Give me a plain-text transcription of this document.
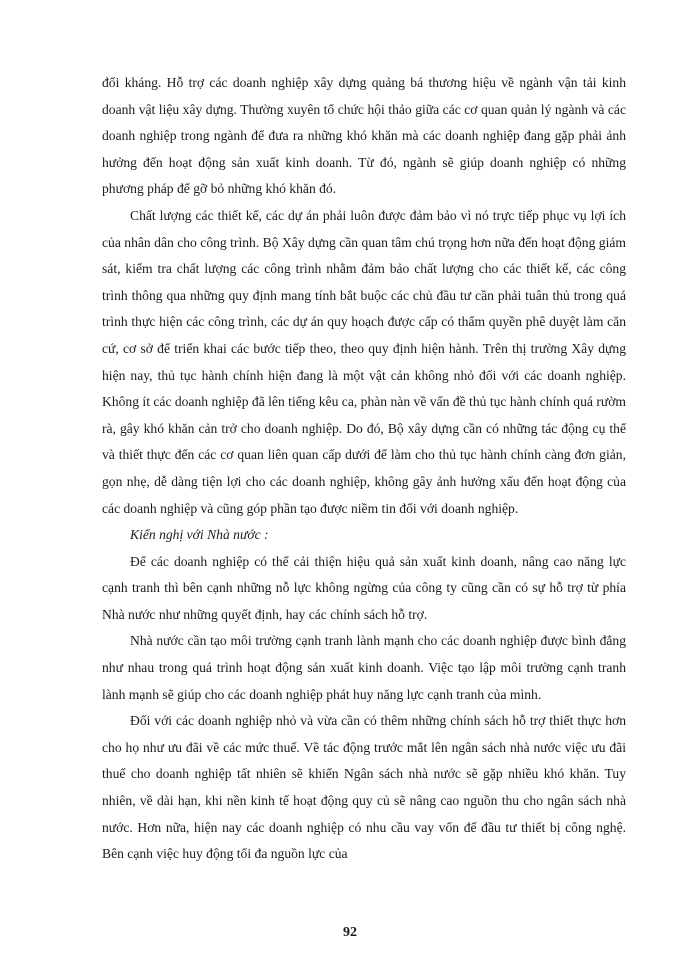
đối kháng. Hỗ trợ các doanh nghiệp xây dựng quảng bá thương hiệu về ngành vận tải kinh doanh vật liệu xây dựng. Thường xuyên tổ chức hội thảo giữa các cơ quan quản lý ngành và các doanh nghiệp trong ngành để đưa ra những khó khăn mà các doanh nghiệp đang gặp phải ảnh hưởng đến hoạt động sản xuất kinh doanh. Từ đó, ngành sẽ giúp doanh nghiệp có những phương pháp để gỡ bỏ những khó khăn đó.

Chất lượng các thiết kế, các dự án phải luôn được đảm bảo vì nó trực tiếp phục vụ lợi ích của nhân dân cho công trình. Bộ Xây dựng cần quan tâm chú trọng hơn nữa đến hoạt động giám sát, kiểm tra chất lượng các công trình nhằm đảm bảo chất lượng cho các thiết kế, các công trình thông qua những quy định mang tính bắt buộc các chủ đầu tư cần phải tuân thủ trong quá trình thực hiện các công trình, các dự án quy hoạch được cấp có thẩm quyền phê duyệt làm căn cứ, cơ sở để triển khai các bước tiếp theo, theo quy định hiện hành. Trên thị trường Xây dựng hiện nay, thủ tục hành chính hiện đang là một vật cản không nhỏ đối với các doanh nghiệp. Không ít các doanh nghiệp đã lên tiếng kêu ca, phàn nàn về vấn đề thủ tục hành chính quá rườm rà, gây khó khăn cản trở cho doanh nghiệp. Do đó, Bộ xây dựng cần có những tác động cụ thể và thiết thực đến các cơ quan liên quan cấp dưới để làm cho thủ tục hành chính càng đơn giản, gọn nhẹ, dễ dàng tiện lợi cho các doanh nghiệp, không gây ảnh hưởng xấu đến hoạt động của các doanh nghiệp và cũng góp phần tạo được niềm tin đối với doanh nghiệp.

Kiến nghị với Nhà nước :

Để các doanh nghiệp có thể cải thiện hiệu quả sản xuất kinh doanh, nâng cao năng lực cạnh tranh thì bên cạnh những nỗ lực không ngừng của công ty cũng cần có sự hỗ trợ từ phía Nhà nước như những quyết định, hay các chính sách hỗ trợ.

Nhà nước cần tạo môi trường cạnh tranh lành mạnh cho các doanh nghiệp được bình đẳng như nhau trong quá trình hoạt động sản xuất kinh doanh. Việc tạo lập môi trường cạnh tranh lành mạnh sẽ giúp cho các doanh nghiệp phát huy năng lực cạnh tranh của mình.

Đối với các doanh nghiệp nhỏ và vừa cần có thêm những chính sách hỗ trợ thiết thực hơn cho họ như ưu đãi về các mức thuế. Về tác động trước mắt lên ngân sách nhà nước việc ưu đãi thuế cho doanh nghiệp tất nhiên sẽ khiến Ngân sách nhà nước sẽ gặp nhiều khó khăn. Tuy nhiên, về dài hạn, khi nền kinh tế hoạt động quy củ sẽ nâng cao nguồn thu cho ngân sách nhà nước. Hơn nữa, hiện nay các doanh nghiệp có nhu cầu vay vốn để đầu tư thiết bị công nghệ. Bên cạnh việc huy động tối đa nguồn lực của

92
